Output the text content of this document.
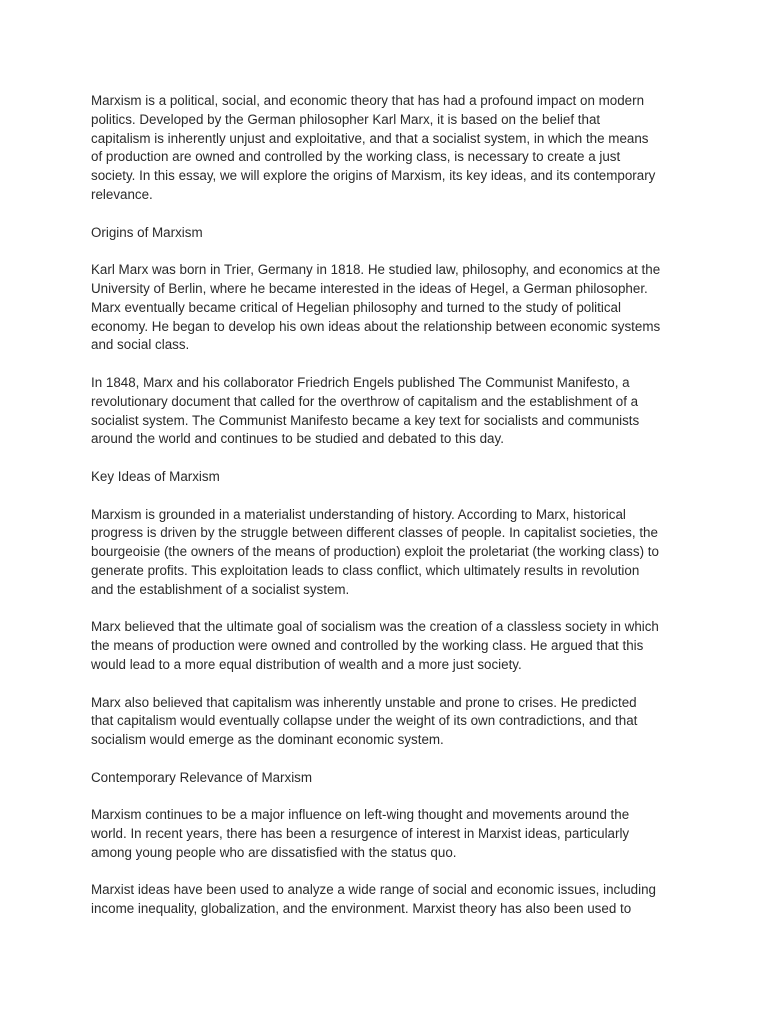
Marxism is a political, social, and economic theory that has had a profound impact on modern
politics. Developed by the German philosopher Karl Marx, it is based on the belief that
capitalism is inherently unjust and exploitative, and that a socialist system, in which the means
of production are owned and controlled by the working class, is necessary to create a just
society. In this essay, we will explore the origins of Marxism, its key ideas, and its contemporary
relevance.
Origins of Marxism
Karl Marx was born in Trier, Germany in 1818. He studied law, philosophy, and economics at the
University of Berlin, where he became interested in the ideas of Hegel, a German philosopher.
Marx eventually became critical of Hegelian philosophy and turned to the study of political
economy. He began to develop his own ideas about the relationship between economic systems
and social class.
In 1848, Marx and his collaborator Friedrich Engels published The Communist Manifesto, a
revolutionary document that called for the overthrow of capitalism and the establishment of a
socialist system. The Communist Manifesto became a key text for socialists and communists
around the world and continues to be studied and debated to this day.
Key Ideas of Marxism
Marxism is grounded in a materialist understanding of history. According to Marx, historical
progress is driven by the struggle between different classes of people. In capitalist societies, the
bourgeoisie (the owners of the means of production) exploit the proletariat (the working class) to
generate profits. This exploitation leads to class conflict, which ultimately results in revolution
and the establishment of a socialist system.
Marx believed that the ultimate goal of socialism was the creation of a classless society in which
the means of production were owned and controlled by the working class. He argued that this
would lead to a more equal distribution of wealth and a more just society.
Marx also believed that capitalism was inherently unstable and prone to crises. He predicted
that capitalism would eventually collapse under the weight of its own contradictions, and that
socialism would emerge as the dominant economic system.
Contemporary Relevance of Marxism
Marxism continues to be a major influence on left-wing thought and movements around the
world. In recent years, there has been a resurgence of interest in Marxist ideas, particularly
among young people who are dissatisfied with the status quo.
Marxist ideas have been used to analyze a wide range of social and economic issues, including
income inequality, globalization, and the environment. Marxist theory has also been used to
